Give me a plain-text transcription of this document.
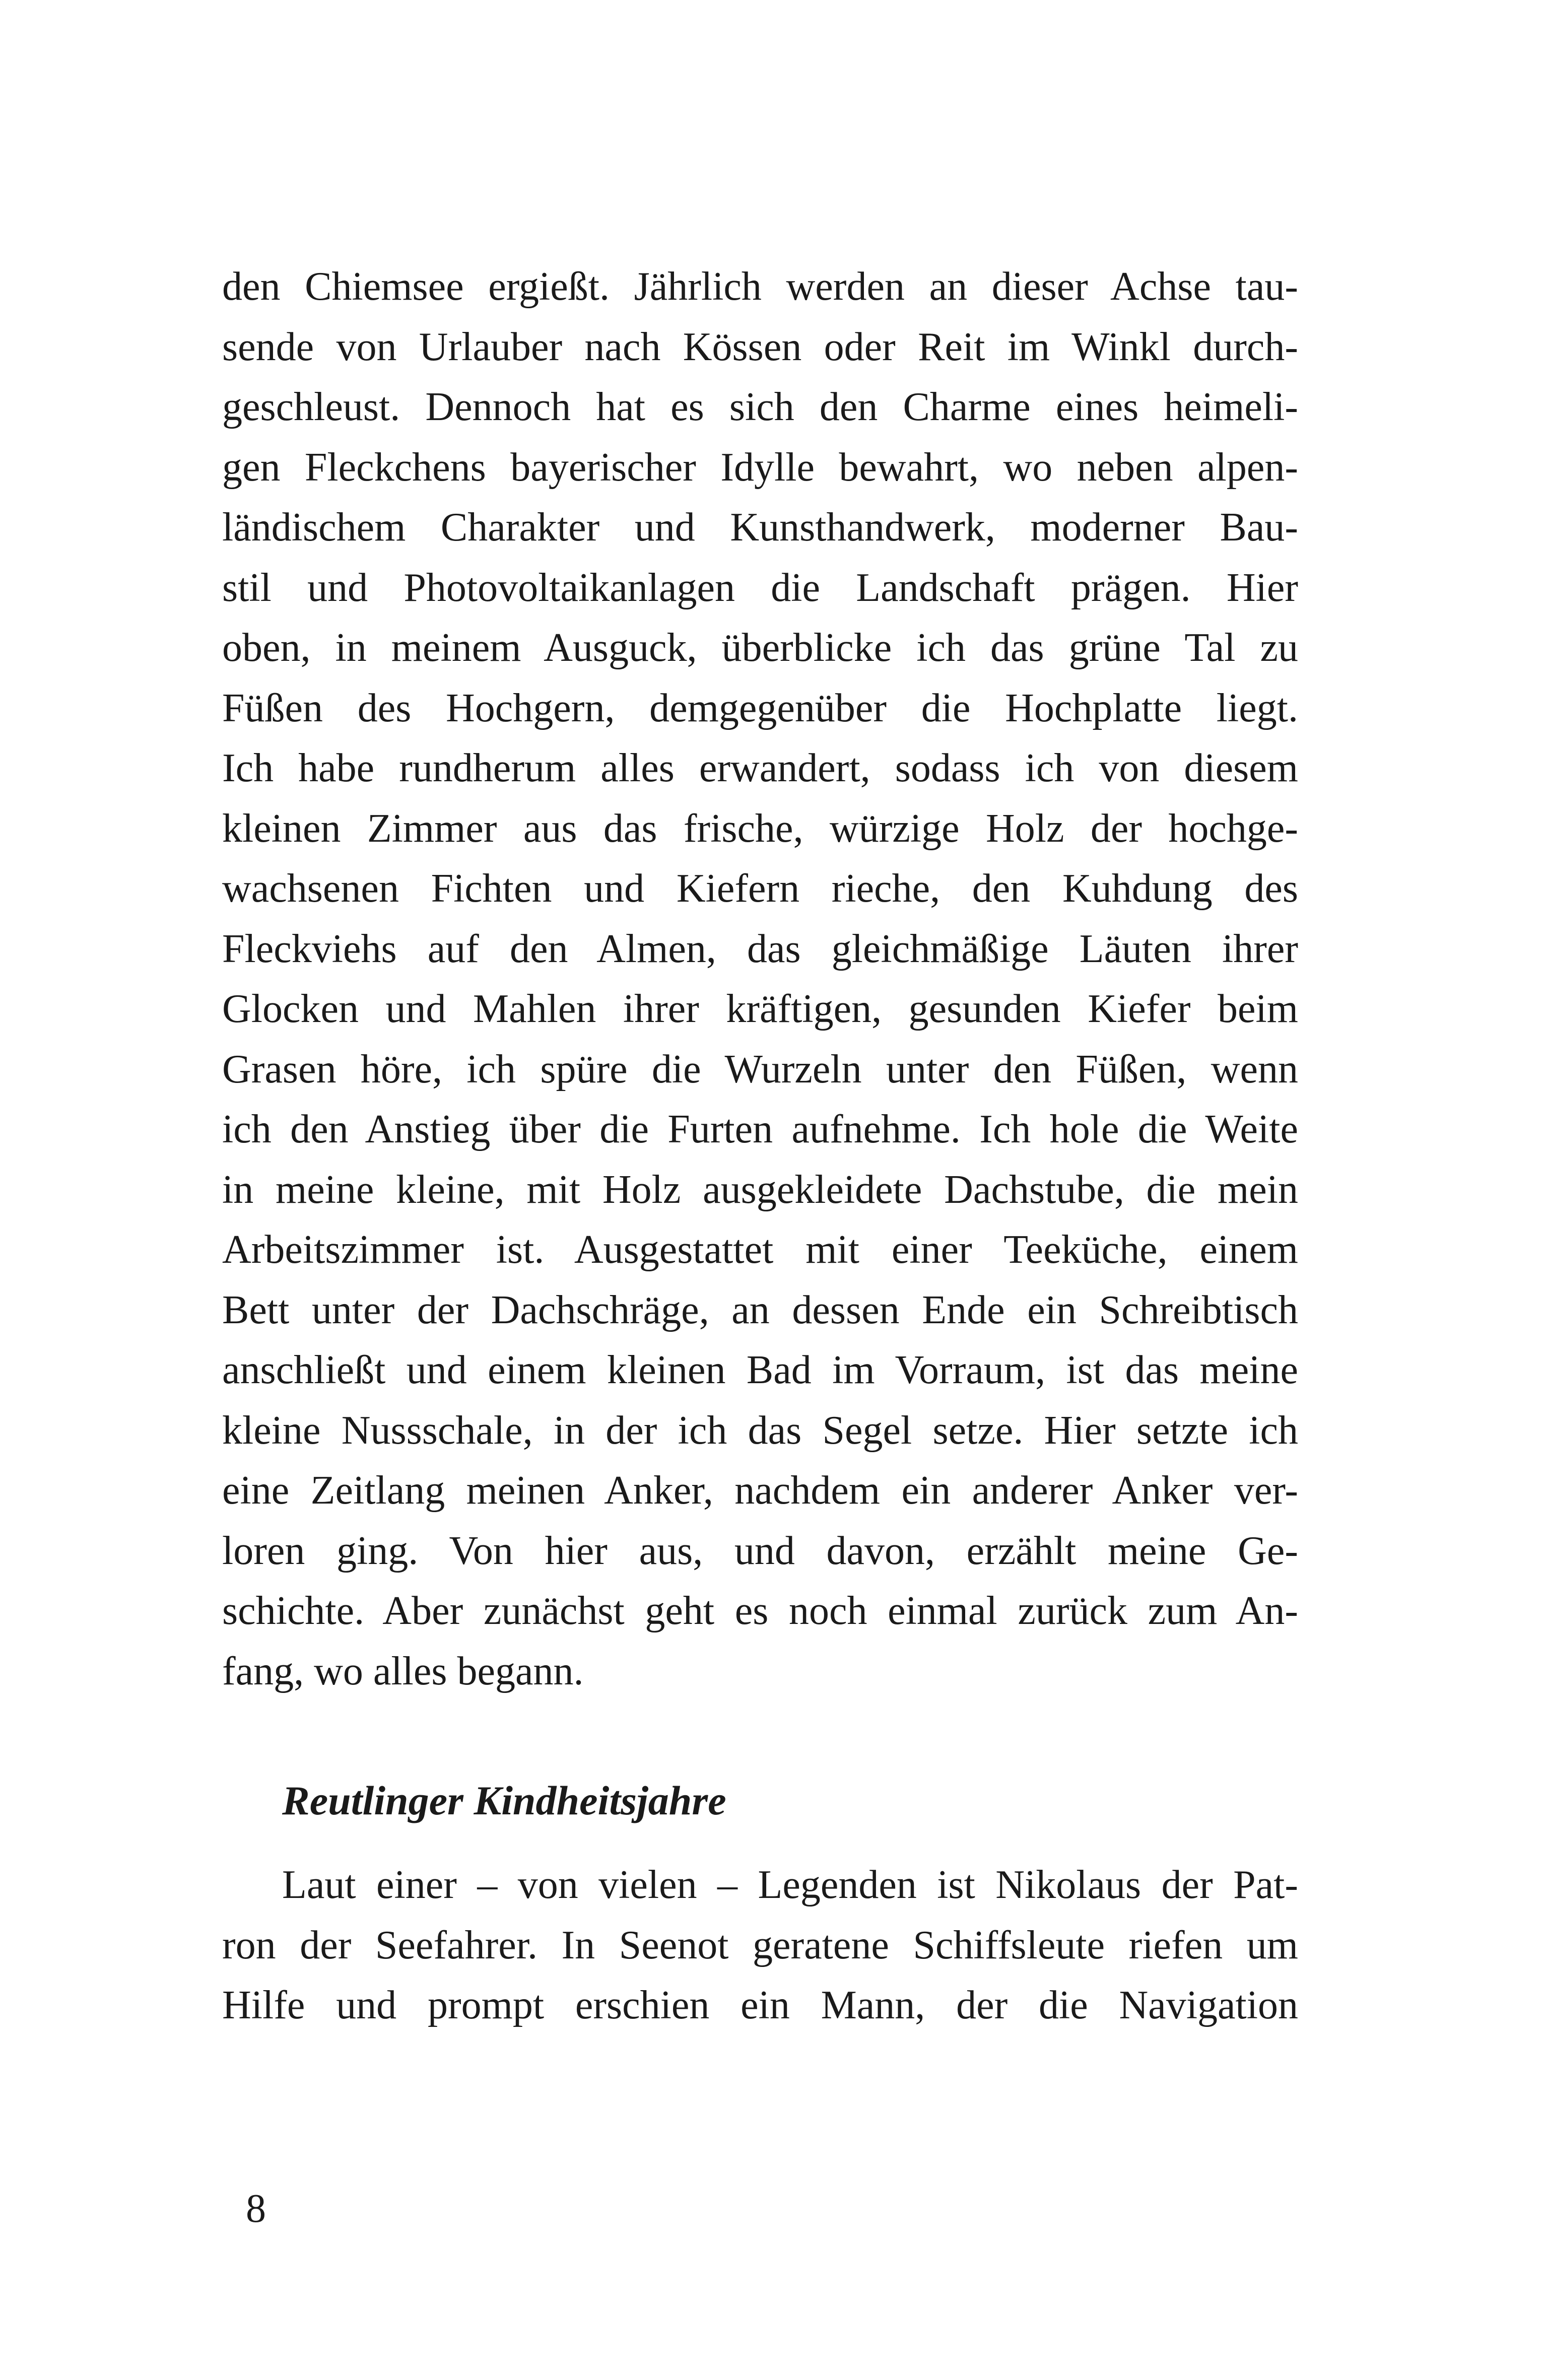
den Chiemsee ergießt. Jährlich werden an dieser Achse tau-
sende von Urlauber nach Kössen oder Reit im Winkl durch-
geschleust. Dennoch hat es sich den Charme eines heimeli-
gen Fleckchens bayerischer Idylle bewahrt, wo neben alpen-
ländischem Charakter und Kunsthandwerk, moderner Bau-
stil und Photovoltaikanlagen die Landschaft prägen. Hier
oben, in meinem Ausguck, überblicke ich das grüne Tal zu
Füßen des Hochgern, demgegenüber die Hochplatte liegt.
Ich habe rundherum alles erwandert, sodass ich von diesem
kleinen Zimmer aus das frische, würzige Holz der hochge-
wachsenen Fichten und Kiefern rieche, den Kuhdung des
Fleckviehs auf den Almen, das gleichmäßige Läuten ihrer
Glocken und Mahlen ihrer kräftigen, gesunden Kiefer beim
Grasen höre, ich spüre die Wurzeln unter den Füßen, wenn
ich den Anstieg über die Furten aufnehme. Ich hole die Weite
in meine kleine, mit Holz ausgekleidete Dachstube, die mein
Arbeitszimmer ist. Ausgestattet mit einer Teeküche, einem
Bett unter der Dachschräge, an dessen Ende ein Schreibtisch
anschließt und einem kleinen Bad im Vorraum, ist das meine
kleine Nussschale, in der ich das Segel setze. Hier setzte ich
eine Zeitlang meinen Anker, nachdem ein anderer Anker ver-
loren ging. Von hier aus, und davon, erzählt meine Ge-
schichte. Aber zunächst geht es noch einmal zurück zum An-
fang, wo alles begann.
Reutlinger Kindheitsjahre
Laut einer – von vielen – Legenden ist Nikolaus der Pat-
ron der Seefahrer. In Seenot geratene Schiffsleute riefen um
Hilfe und prompt erschien ein Mann, der die Navigation
8
